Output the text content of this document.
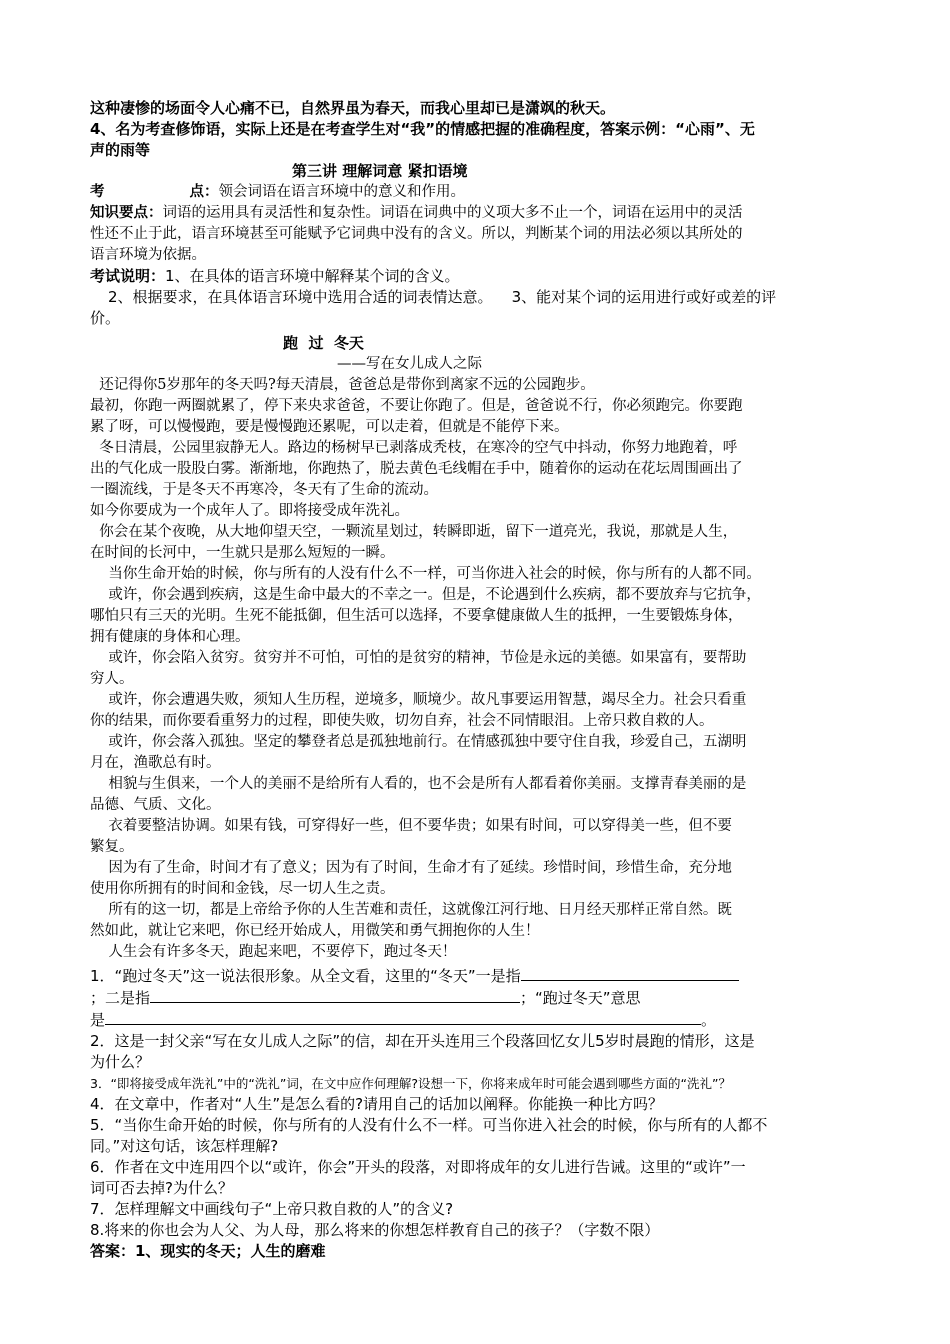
这种凄惨的场面令人心痛不已，自然界虽为春天，而我心里却已是潇飒的秋天。
4、名为考查修饰语，实际上还是在考查学生对“我”的情感把握的准确程度，答案示例：“心雨”、无
声的雨等
第三讲 理解词意 紧扣语境
考	点：领会词语在语言环境中的意义和作用。
知识要点：词语的运用具有灵活性和复杂性。词语在词典中的义项大多不止一个，词语在运用中的灵活
性还不止于此，语言环境甚至可能赋予它词典中没有的含义。所以，判断某个词的用法必须以其所处的
语言环境为依据。
考试说明：1、在具体的语言环境中解释某个词的含义。
2、根据要求，在具体语言环境中选用合适的词表情达意。    3、能对某个词的运用进行或好或差的评
价。
跑  过  冬天
——写在女儿成人之际
还记得你5岁那年的冬天吗?每天清晨，爸爸总是带你到离家不远的公园跑步。
最初，你跑一两圈就累了，停下来央求爸爸，不要让你跑了。但是，爸爸说不行，你必须跑完。你要跑
累了呀，可以慢慢跑，要是慢慢跑还累呢，可以走着，但就是不能停下来。
冬日清晨，公园里寂静无人。路边的杨树早已剥落成秃枝，在寒冷的空气中抖动，你努力地跑着，呼
出的气化成一股股白雾。渐渐地，你跑热了，脱去黄色毛线帽在手中，随着你的运动在花坛周围画出了
一圈流线，于是冬天不再寒冷，冬天有了生命的流动。
如今你要成为一个成年人了。即将接受成年洗礼。
你会在某个夜晚，从大地仰望天空，一颗流星划过，转瞬即逝，留下一道亮光，我说，那就是人生，
在时间的长河中，一生就只是那么短短的一瞬。
当你生命开始的时候，你与所有的人没有什么不一样，可当你进入社会的时候，你与所有的人都不同。
或许，你会遇到疾病，这是生命中最大的不幸之一。但是，不论遇到什么疾病，都不要放弃与它抗争，
哪怕只有三天的光明。生死不能抵御，但生活可以选择，不要拿健康做人生的抵押，一生要锻炼身体，
拥有健康的身体和心理。
或许，你会陷入贫穷。贫穷并不可怕，可怕的是贫穷的精神，节俭是永远的美德。如果富有，要帮助
穷人。
或许，你会遭遇失败，须知人生历程，逆境多，顺境少。故凡事要运用智慧，竭尽全力。社会只看重
你的结果，而你要看重努力的过程，即使失败，切勿自弃，社会不同情眼泪。上帝只救自救的人。
或许，你会落入孤独。坚定的攀登者总是孤独地前行。在情感孤独中要守住自我，珍爱自己，五湖明
月在，渔歌总有时。
相貌与生俱来，一个人的美丽不是给所有人看的，也不会是所有人都看着你美丽。支撑青春美丽的是
品德、气质、文化。
衣着要整洁协调。如果有钱，可穿得好一些，但不要华贵；如果有时间，可以穿得美一些，但不要
繁复。
因为有了生命，时间才有了意义；因为有了时间，生命才有了延续。珍惜时间，珍惜生命，充分地
使用你所拥有的时间和金钱，尽一切人生之责。
所有的这一切，都是上帝给予你的人生苦难和责任，这就像江河行地、日月经天那样正常自然。既
然如此，就让它来吧，你已经开始成人，用微笑和勇气拥抱你的人生！
人生会有许多冬天，跑起来吧，不要停下，跑过冬天！
1．“跑过冬天”这一说法很形象。从全文看，这里的“冬天”一是指
；二是指	；“跑过冬天”意思
是	。
2．这是一封父亲“写在女儿成人之际”的信，却在开头连用三个段落回忆女儿5岁时晨跑的情形，这是
为什么？
3．“即将接受成年洗礼”中的“洗礼”词，在文中应作何理解?设想一下，你将来成年时可能会遇到哪些方面的“洗礼”？
4．在文章中，作者对“人生”是怎么看的?请用自己的话加以阐释。你能换一种比方吗？
5．“当你生命开始的时候，你与所有的人没有什么不一样。可当你进入社会的时候，你与所有的人都不
同。”对这句话，该怎样理解?
6．作者在文中连用四个以“或许，你会”开头的段落，对即将成年的女儿进行告诫。这里的“或许”一
词可否去掉?为什么？
7．怎样理解文中画线句子“上帝只救自救的人”的含义?
8.将来的你也会为人父、为人母，那么将来的你想怎样教育自己的孩子？（字数不限）
答案：1、现实的冬天；人生的磨难
